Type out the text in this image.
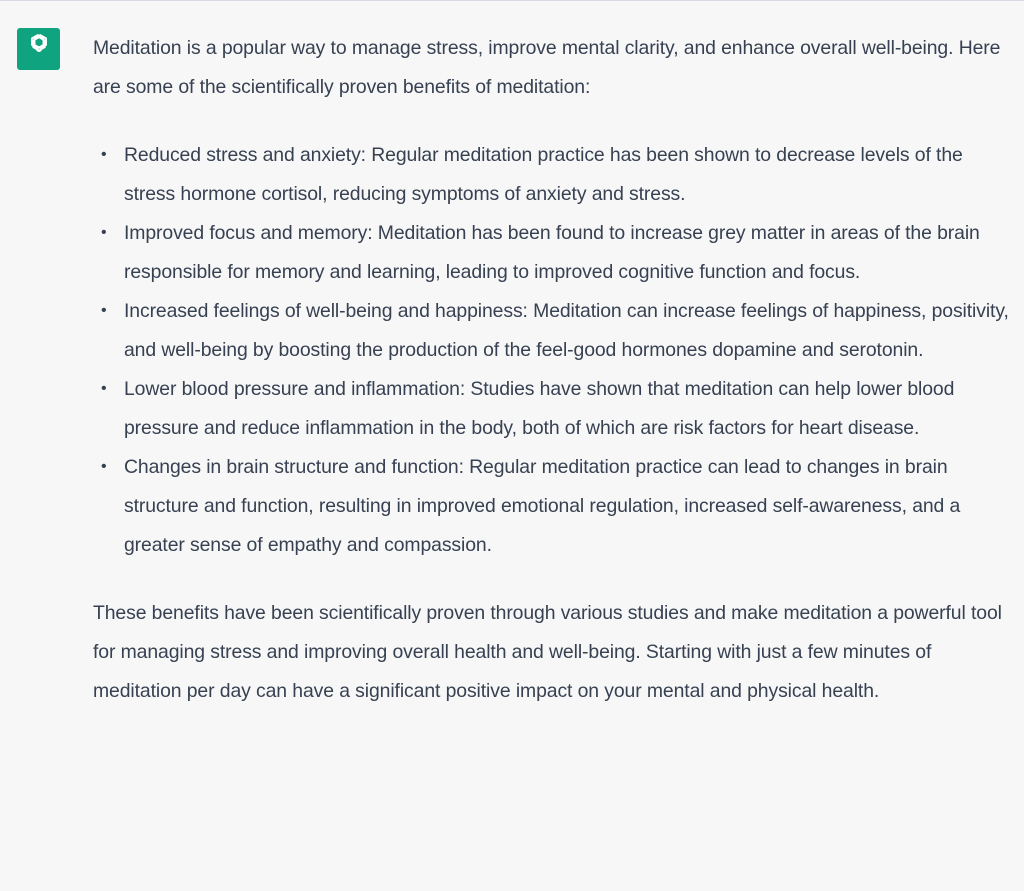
Meditation is a popular way to manage stress, improve mental clarity, and enhance overall well-being. Here are some of the scientifically proven benefits of meditation:

• Reduced stress and anxiety: Regular meditation practice has been shown to decrease levels of the stress hormone cortisol, reducing symptoms of anxiety and stress.
• Improved focus and memory: Meditation has been found to increase grey matter in areas of the brain responsible for memory and learning, leading to improved cognitive function and focus.
• Increased feelings of well-being and happiness: Meditation can increase feelings of happiness, positivity, and well-being by boosting the production of the feel-good hormones dopamine and serotonin.
• Lower blood pressure and inflammation: Studies have shown that meditation can help lower blood pressure and reduce inflammation in the body, both of which are risk factors for heart disease.
• Changes in brain structure and function: Regular meditation practice can lead to changes in brain structure and function, resulting in improved emotional regulation, increased self-awareness, and a greater sense of empathy and compassion.

These benefits have been scientifically proven through various studies and make meditation a powerful tool for managing stress and improving overall health and well-being. Starting with just a few minutes of meditation per day can have a significant positive impact on your mental and physical health.
